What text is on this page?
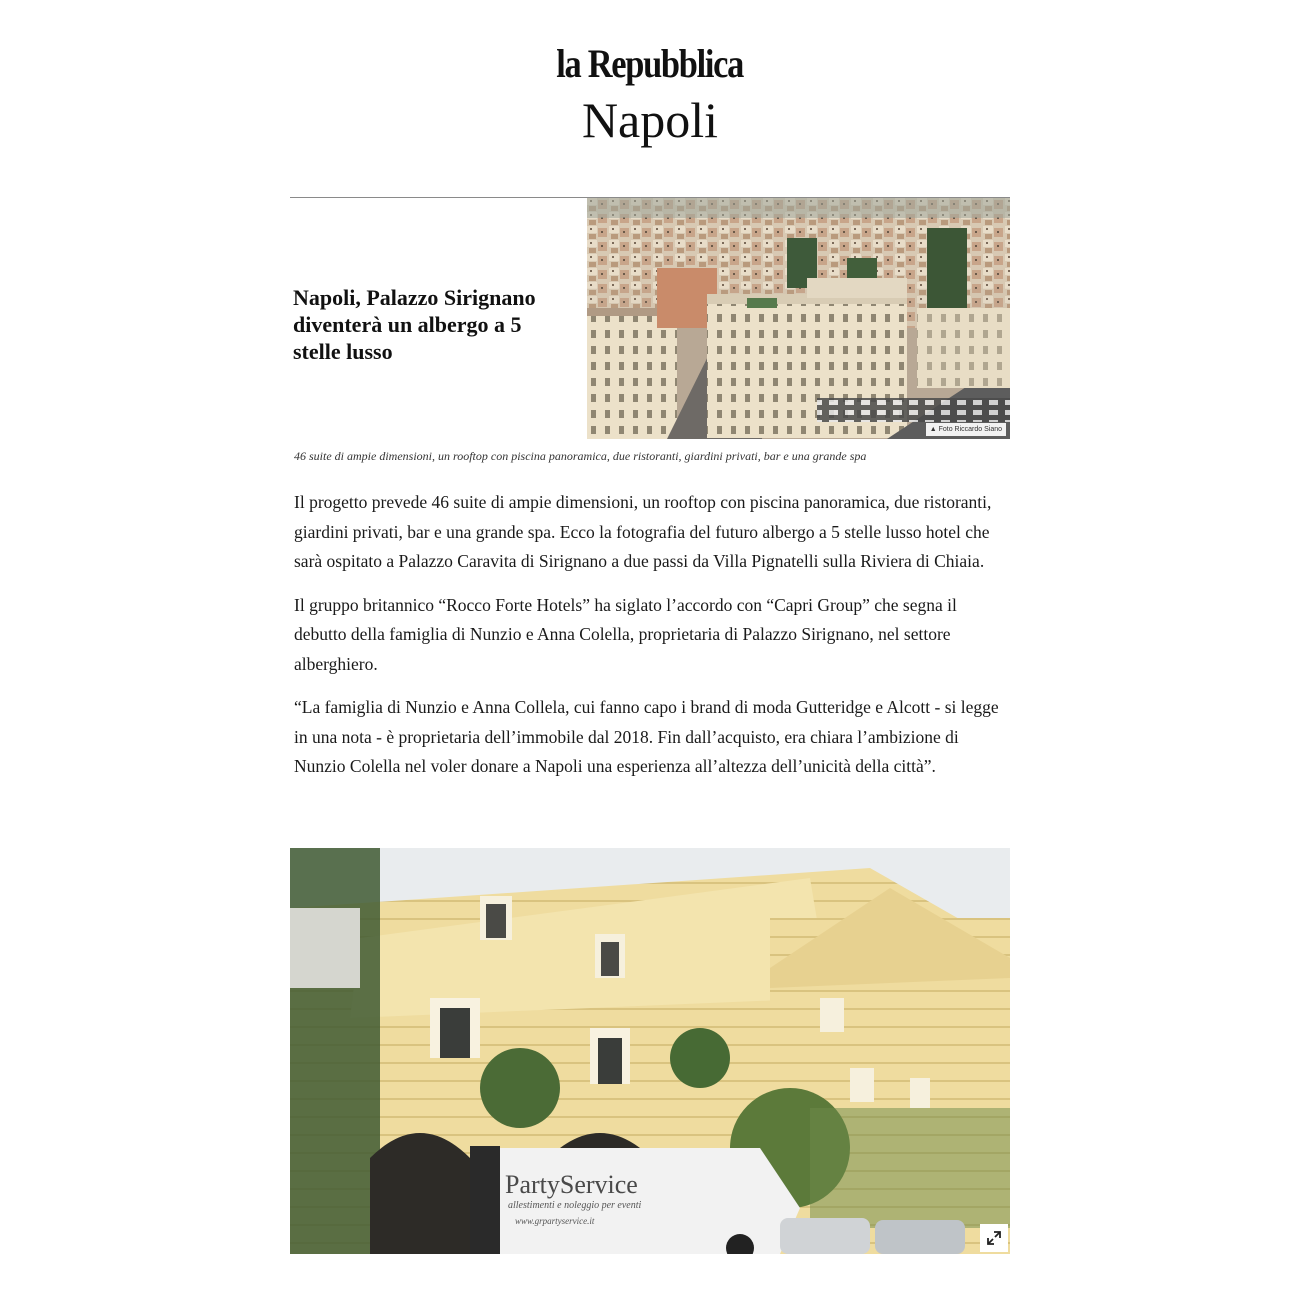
la Repubblica
Napoli
Napoli, Palazzo Sirignano diventerà un albergo a 5 stelle lusso
▲ Foto Riccardo Siano
46 suite di ampie dimensioni, un rooftop con piscina panoramica, due ristoranti, giardini privati, bar e una grande spa

Il progetto prevede 46 suite di ampie dimensioni, un rooftop con piscina panoramica, due ristoranti, giardini privati, bar e una grande spa. Ecco la fotografia del futuro albergo a 5 stelle lusso hotel che sarà ospitato a Palazzo Caravita di Sirignano a due passi da Villa Pignatelli sulla Riviera di Chiaia.

Il gruppo britannico “Rocco Forte Hotels” ha siglato l’accordo con “Capri Group” che segna il debutto della famiglia di Nunzio e Anna Colella, proprietaria di Palazzo Sirignano, nel settore alberghiero.

“La famiglia di Nunzio e Anna Collela, cui fanno capo i brand di moda Gutteridge e Alcott - si legge in una nota - è proprietaria dell’immobile dal 2018. Fin dall’acquisto, era chiara l’ambizione di Nunzio Colella nel voler donare a Napoli una esperienza all’altezza dell’unicità della città”.

PartyService
allestimenti e noleggio per eventi
www.grpartyservice.it
